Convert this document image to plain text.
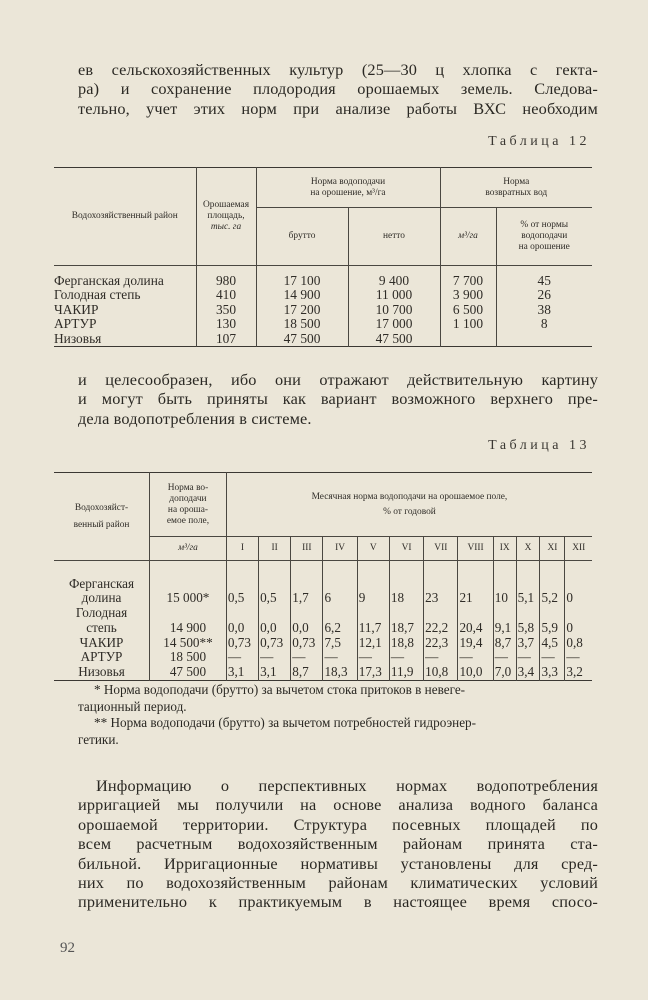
ев сельскохозяйственных культур (25—30 ц хлопка с гекта-
ра) и сохранение плодородия орошаемых земель. Следова-
тельно, учет этих норм при анализе работы ВХС необходим
Таблица 12
Водохозяйственный район	Орошаемая
площадь,
тыс. га	Норма водоподачи
на орошение, м³/га		Норма
возвратных вод	

		брутто	нетто	м³/га	% от нормы
водоподачи
на орошение

Ферганская долина	980	17 100	9 400	7 700	45
Голодная степь	410	14 900	11 000	3 900	26
ЧАКИР	350	17 200	10 700	6 500	38
АРТУР	130	18 500	17 000	1 100	8
Низовья	107	47 500	47 500		
и целесообразен, ибо они отражают действительную картину
и могут быть приняты как вариант возможного верхнего пре-
дела водопотребления в системе.
Таблица 13
Водохозяйст-
венный район	Норма во-
доподачи
на ороша-
емое поле,	Месячная норма водоподачи на орошаемое поле,
% от годовой											

	м³/га	I	II	III	IV	V	VI	VII	VIII	IX	X	XI	XII

Ферганская
долина	15 000*	0,5	0,5	1,7	6	9	18	23	21	10	5,1	5,2	0

Голодная
степь	14 900	0,0	0,0	0,0	6,2	11,7	18,7	22,2	20,4	9,1	5,8	5,9	0

ЧАКИР	14 500**	0,73	0,73	0,73	7,5	12,1	18,8	22,3	19,4	8,7	3,7	4,5	0,8

АРТУР	18 500	—	—	—	—	—	—	—	—	—	—	—	—

Низовья	47 500	3,1	3,1	8,7	18,3	17,3	11,9	10,8	10,0	7,0	3,4	3,3	3,2
* Норма водоподачи (брутто) за вычетом стока притоков в невеге-
тационный период.
** Норма водоподачи (брутто) за вычетом потребностей гидроэнер-
гетики.
Информацию о перспективных нормах водопотребления
ирригацией мы получили на основе анализа водного баланса
орошаемой территории. Структура посевных площадей по
всем расчетным водохозяйственным районам принята ста-
бильной. Ирригационные нормативы установлены для сред-
них по водохозяйственным районам климатических условий
применительно к практикуемым в настоящее время спосо-
92
